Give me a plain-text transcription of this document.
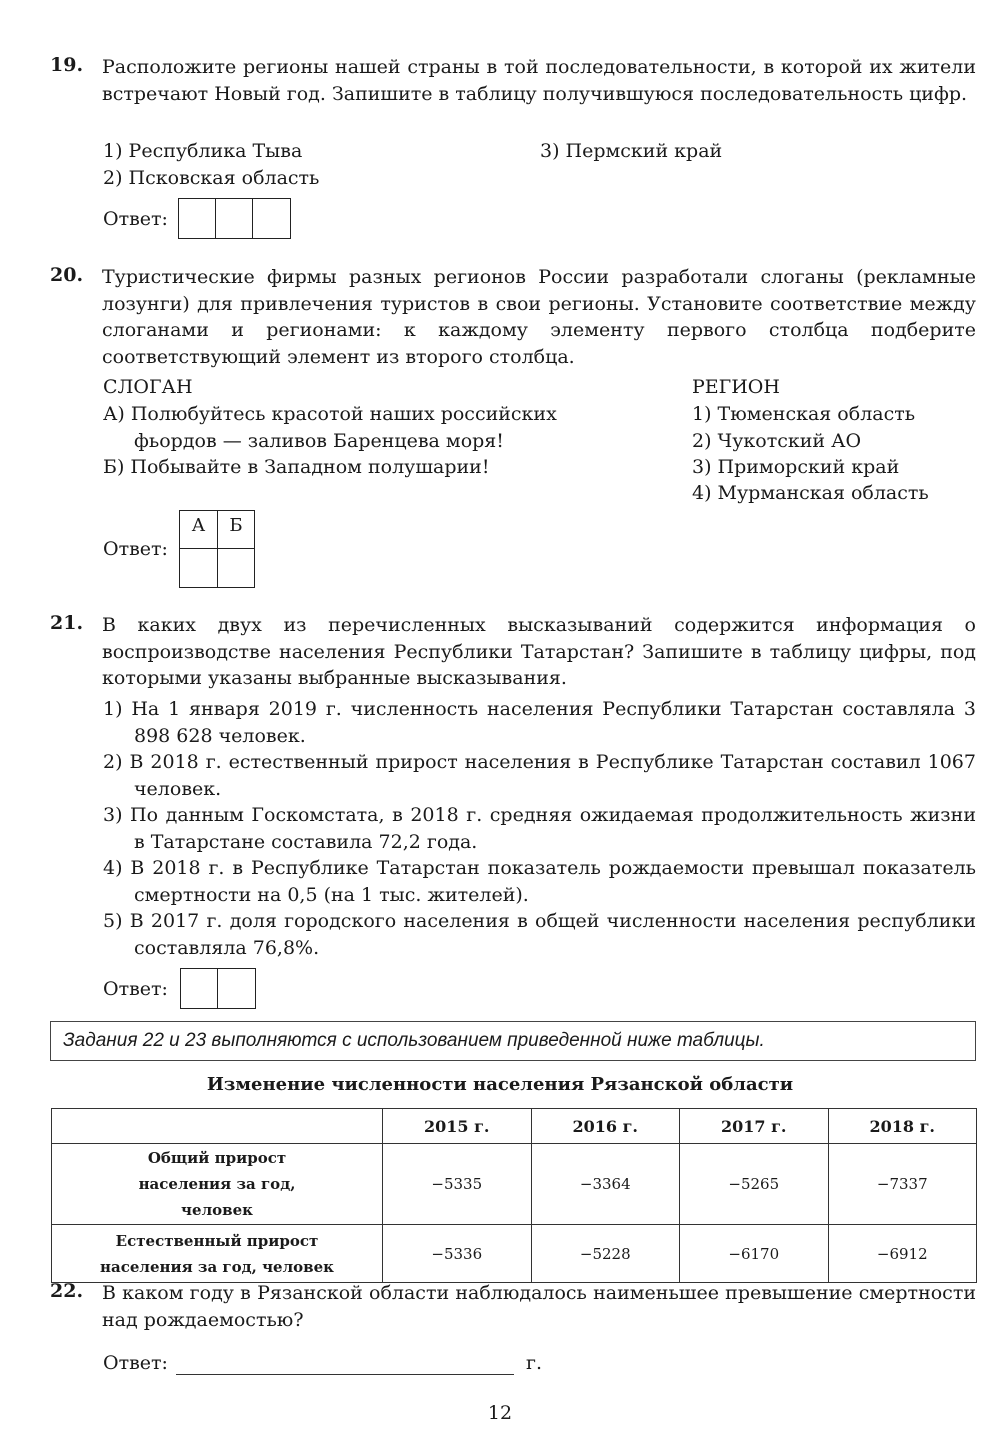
19. Расположите регионы нашей страны в той последовательности, в которой их жители встречают Новый год. Запишите в таблицу получившуюся последовательность цифр.
1) Республика Тыва
2) Псковская область
3) Пермский край
Ответ:
20. Туристические фирмы разных регионов России разработали слоганы (рекламные лозунги) для привлечения туристов в свои регионы. Установите соответствие между слоганами и регионами: к каждому элементу первого столбца подберите соответствующий элемент из второго столбца.
СЛОГАН	РЕГИОН
А) Полюбуйтесь красотой наших российских
фьордов — заливов Баренцева моря!
Б) Побывайте в Западном полушарии!
1) Тюменская область
2) Чукотский АО
3) Приморский край
4) Мурманская область
Ответ:
А	Б
21. В каких двух из перечисленных высказываний содержится информация о воспроизводстве населения Республики Татарстан? Запишите в таблицу цифры, под которыми указаны выбранные высказывания.
1) На 1 января 2019 г. численность населения Республики Татарстан составляла 3 898 628 человек.
2) В 2018 г. естественный прирост населения в Республике Татарстан составил 1067 человек.
3) По данным Госкомстата, в 2018 г. средняя ожидаемая продолжительность жизни в Татарстане составила 72,2 года.
4) В 2018 г. в Республике Татарстан показатель рождаемости превышал показатель смертности на 0,5 (на 1 тыс. жителей).
5) В 2017 г. доля городского населения в общей численности населения республики составляла 76,8%.
Ответ:
Задания 22 и 23 выполняются с использованием приведенной ниже таблицы.
Изменение численности населения Рязанской области
	2015 г.	2016 г.	2017 г.	2018 г.

Общий прирост населения за год, человек	−5335	−3364	−5265	−7337

Естественный прирост населения за год, человек	−5336	−5228	−6170	−6912
22. В каком году в Рязанской области наблюдалось наименьшее превышение смертности над рождаемостью?
Ответ:	г.
12
